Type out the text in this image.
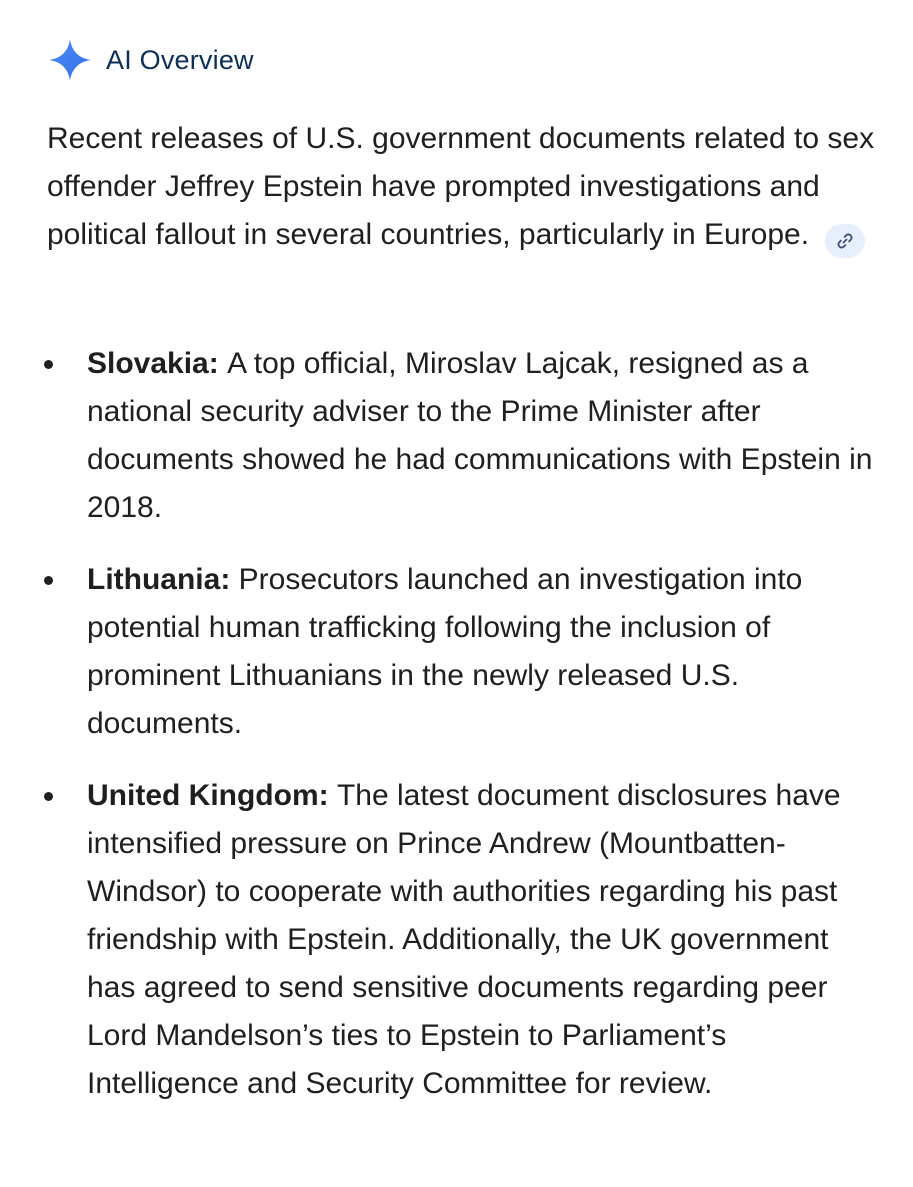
AI Overview

Recent releases of U.S. government documents related to sex offender Jeffrey Epstein have prompted investigations and political fallout in several countries, particularly in Europe.

Slovakia: A top official, Miroslav Lajcak, resigned as a national security adviser to the Prime Minister after documents showed he had communications with Epstein in 2018.
Lithuania: Prosecutors launched an investigation into potential human trafficking following the inclusion of prominent Lithuanians in the newly released U.S. documents.
United Kingdom: The latest document disclosures have intensified pressure on Prince Andrew (Mountbatten-Windsor) to cooperate with authorities regarding his past friendship with Epstein. Additionally, the UK government has agreed to send sensitive documents regarding peer Lord Mandelson’s ties to Epstein to Parliament’s Intelligence and Security Committee for review.
